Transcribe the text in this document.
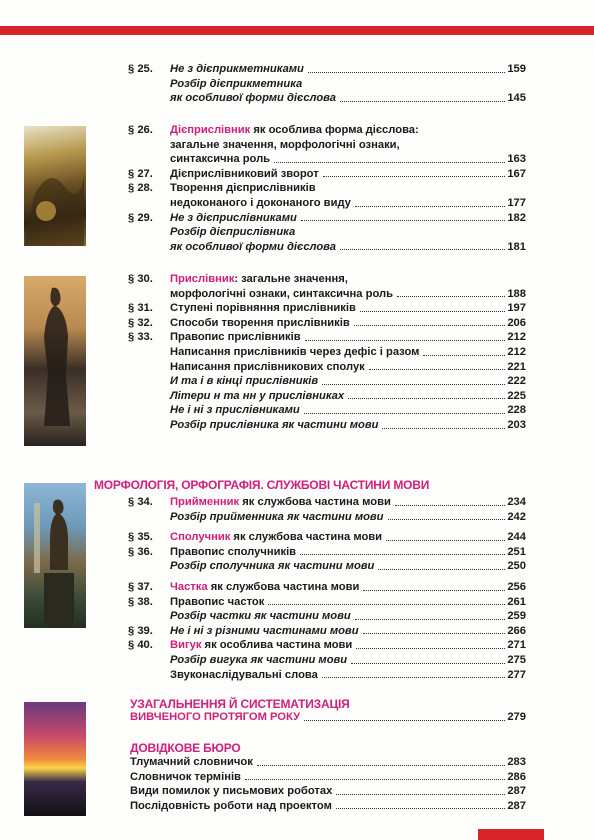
§ 25. Не з дієприкметниками	159
Розбір дієприкметника
як особливої форми дієслова	145
§ 26. Дієприслівник як особлива форма дієслова:
загальне значення, морфологічні ознаки,
синтаксична роль	163
§ 27. Дієприслівниковий зворот	167
§ 28. Творення дієприслівників
недоконаного і доконаного виду	177
§ 29. Не з дієприслівниками	182
Розбір дієприслівника
як особливої форми дієслова	181
§ 30. Прислівник: загальне значення,
морфологічні ознаки, синтаксична роль	188
§ 31. Ступені порівняння прислівників	197
§ 32. Способи творення прислівників	206
§ 33. Правопис прислівників	212
Написання прислівників через дефіс і разом	212
Написання прислівникових сполук	221
И та і в кінці прислівників	222
Літери н та нн у прислівниках	225
Не і ні з прислівниками	228
Розбір прислівника як частини мови	203
МОРФОЛОГІЯ, ОРФОГРАФІЯ. СЛУЖБОВІ ЧАСТИНИ МОВИ
§ 34. Прийменник як службова частина мови	234
Розбір прийменника як частини мови	242
§ 35. Сполучник як службова частина мови	244
§ 36. Правопис сполучників	251
Розбір сполучника як частини мови	250
§ 37. Частка як службова частина мови	256
§ 38. Правопис часток	261
Розбір частки як частини мови	259
§ 39. Не і ні з різними частинами мови	266
§ 40. Вигук як особлива частина мови	271
Розбір вигука як частини мови	275
Звуконаслідувальні слова	277
УЗАГАЛЬНЕННЯ Й СИСТЕМАТИЗАЦІЯ
ВИВЧЕНОГО ПРОТЯГОМ РОКУ	279
ДОВІДКОВЕ БЮРО
Тлумачний словничок	283
Словничок термінів	286
Види помилок у письмових роботах	287
Послідовність роботи над проектом	287
